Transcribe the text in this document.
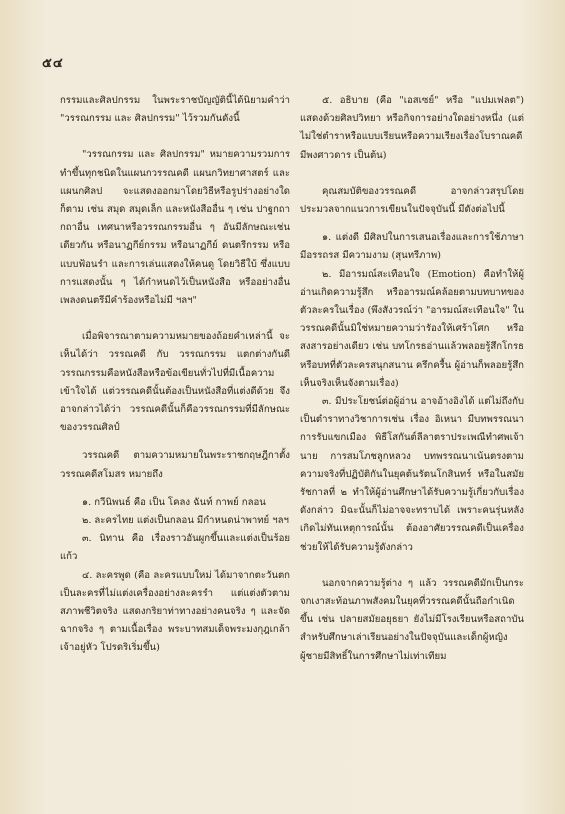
๕๔

กรรมและศิลปกรรม ในพระราชบัญญัตินี้ได้นิยามคำว่า "วรรณกรรม และ ศิลปกรรม" ไว้รวมกันดังนี้

"วรรณกรรม และ ศิลปกรรม" หมายความรวมการทำขึ้นทุกชนิดในแผนกวรรณคดี แผนกวิทยาศาสตร์ และแผนกศิลป จะแสดงออกมาโดยวิธีหรือรูปร่างอย่างใดก็ตาม เช่น สมุด สมุดเล็ก และหนังสืออื่น ๆ เช่น ปาฐกถา กถาอื่น เทศนาหรือวรรณกรรมอื่น ๆ อันมีลักษณะเช่นเดียวกัน หรือนาฏกีย์กรรม หรือนาฏกีย์ ดนตรีกรรม หรือแบบฟ้อนรำ และการเล่นแสดงให้คนดู โดยวิธีใบ้ ซึ่งแบบการแสดงนั้น ๆ ได้กำหนดไว้เป็นหนังสือ หรืออย่างอื่น เพลงดนตรีมีคำร้องหรือไม่มี ฯลฯ"

เมื่อพิจารณาตามความหมายของถ้อยคำเหล่านี้ จะเห็นได้ว่า วรรณคดี กับ วรรณกรรม แตกต่างกันดี วรรณกรรมคือหนังสือหรือข้อเขียนทั่วไปที่มีเนื้อความเข้าใจได้ แต่วรรณคดีนั้นต้องเป็นหนังสือที่แต่งดีด้วย จึงอาจกล่าวได้ว่า วรรณคดีนั้นก็คือวรรณกรรมที่มีลักษณะของวรรณศิลป์

วรรณคดี ตามความหมายในพระราชกฤษฎีกาตั้งวรรณคดีสโมสร หมายถึง

๑. กวีนิพนธ์ คือ เป็น โคลง ฉันท์ กาพย์ กลอน

๒. ละครไทย แต่งเป็นกลอน มีกำหนดน่าพาทย์ ฯลฯ

๓. นิทาน คือ เรื่องราวอันผูกขึ้นและแต่งเป็นร้อยแก้ว

๔. ละครพูด (คือ ละครแบบใหม่ ได้มาจากตะวันตก เป็นละครที่ไม่แต่งเครื่องอย่างละครรำ แต่แต่งตัวตามสภาพชีวิตจริง แสดงกริยาท่าทางอย่างคนจริง ๆ และจัดฉากจริง ๆ ตามเนื้อเรื่อง พระบาทสมเด็จพระมงกุฎเกล้าเจ้าอยู่หัว โปรดริเริ่มขึ้น)

๕. อธิบาย (คือ "เอสเซย์" หรือ "แปมเฟลต") แสดงด้วยศิลปวิทยา หรือกิจการอย่างใดอย่างหนึ่ง (แต่ไม่ใช่ตำราหรือแบบเรียนหรือความเรียงเรื่องโบราณคดี มีพงศาวดาร เป็นต้น)

คุณสมบัติของวรรณคดี อาจกล่าวสรุปโดยประมวลจากแนวการเขียนในปัจจุบันนี้ มีดังต่อไปนี้

๑. แต่งดี มีศิลปในการเสนอเรื่องและการใช้ภาษา มีอรรถรส มีความงาม (สุนทรีภาพ)

๒. มีอารมณ์สะเทือนใจ (Emotion) คือทำให้ผู้อ่านเกิดความรู้สึก หรืออารมณ์คล้อยตามบทบาทของตัวละครในเรื่อง (พึงสังวรณ์ว่า "อารมณ์สะเทือนใจ" ในวรรณคดีนั้นมิใช่หมายความว่ารัองให้เศร้าโศก หรือสงสารอย่างเดียว เช่น บทโกรธอ่านแล้วพลอยรู้สึกโกรธหรือบทที่ตัวละครสนุกสนาน ครึกครื้น ผู้อ่านก็พลอยรู้สึกเห็นจริงเห็นจังตามเรื่อง)

๓. มีประโยชน์ต่อผู้อ่าน อาจอ้างอิงได้ แต่ไม่ถึงกับเป็นตำราทางวิชาการเช่น เรื่อง อิเหนา มีบทพรรณนาการรับแขกเมือง พิธีโสกันต์ลีลาตราประเพณีทำศพเจ้านาย การสมโภชลูกหลวง บทพรรณนาเน้นตรงตามความจริงที่ปฏิบัติกันในยุคต้นรัตนโกสินทร์ หรือในสมัยรัชกาลที่ ๒ ทำให้ผู้อ่านศึกษาได้รับความรู้เกี่ยวกับเรื่องดังกล่าว มิฉะนั้นก็ไม่อาจจะทราบได้ เพราะคนรุ่นหลังเกิดไม่ทันเหตุการณ์นั้น ต้องอาศัยวรรณคดีเป็นเครื่องช่วยให้ได้รับความรู้ดังกล่าว

นอกจากความรู้ต่าง ๆ แล้ว วรรณคดีมักเป็นกระจกเงาสะท้อนภาพสังคมในยุคที่วรรณคดีนั้นถือกำเนิดขึ้น เช่น ปลายสมัยอยุธยา ยังไม่มีโรงเรียนหรือสถาบันสำหรับศึกษาเล่าเรียนอย่างในปัจจุบันและเด็กผู้หญิงผู้ชายมีสิทธิ์ในการศึกษาไม่เท่าเทียม
